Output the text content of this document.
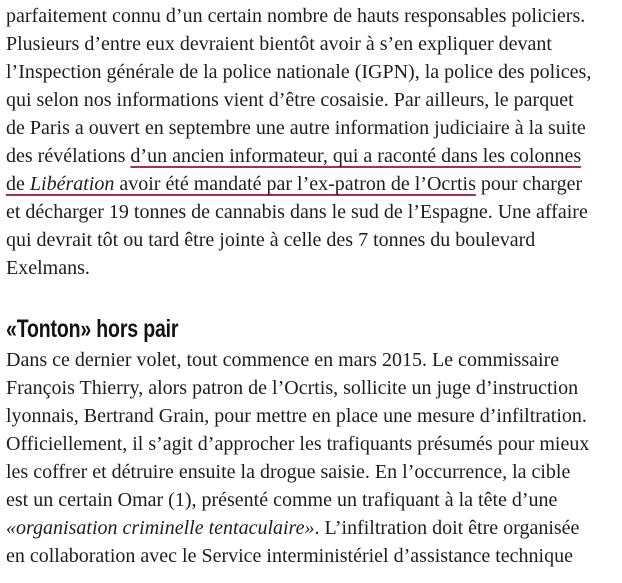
parfaitement connu d’un certain nombre de hauts responsables policiers. Plusieurs d’entre eux devraient bientôt avoir à s’en expliquer devant l’Inspection générale de la police nationale (IGPN), la police des polices, qui selon nos informations vient d’être cosaisie. Par ailleurs, le parquet de Paris a ouvert en septembre une autre information judiciaire à la suite des révélations d’un ancien informateur, qui a raconté dans les colonnes de Libération avoir été mandaté par l’ex-patron de l’Ocrtis pour charger et décharger 19 tonnes de cannabis dans le sud de l’Espagne. Une affaire qui devrait tôt ou tard être jointe à celle des 7 tonnes du boulevard Exelmans.

«Tonton» hors pair

Dans ce dernier volet, tout commence en mars 2015. Le commissaire François Thierry, alors patron de l’Ocrtis, sollicite un juge d’instruction lyonnais, Bertrand Grain, pour mettre en place une mesure d’infiltration. Officiellement, il s’agit d’approcher les trafiquants présumés pour mieux les coffrer et détruire ensuite la drogue saisie. En l’occurrence, la cible est un certain Omar (1), présenté comme un trafiquant à la tête d’une «organisation criminelle tentaculaire». L’infiltration doit être organisée en collaboration avec le Service interministériel d’assistance technique
